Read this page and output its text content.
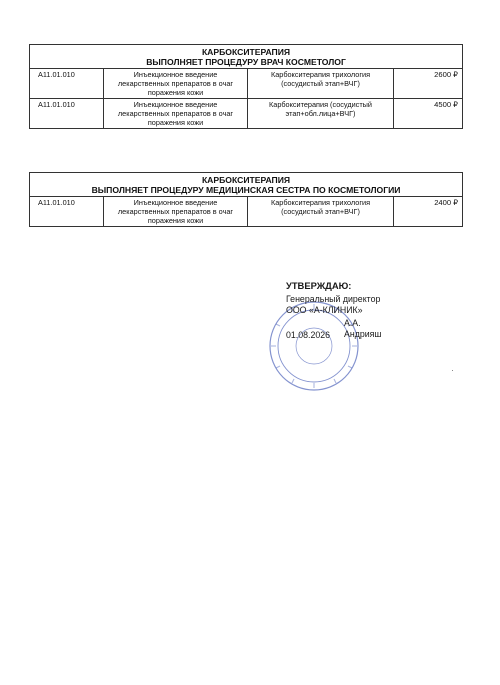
КАРБОКСИТЕРАПИЯ
ВЫПОЛНЯЕТ ПРОЦЕДУРУ ВРАЧ КОСМЕТОЛОГ			

А11.01.010	Инъекционное введение лекарственных препаратов в очаг поражения кожи	Карбокситерапия трихология (сосудистый этап+ВЧГ)	2600 ₽
А11.01.010	Инъекционное введение лекарственных препаратов в очаг поражения кожи	Карбокситерапия (сосудистый этап+обл.лица+ВЧГ)	4500 ₽
КАРБОКСИТЕРАПИЯ
ВЫПОЛНЯЕТ ПРОЦЕДУРУ МЕДИЦИНСКАЯ СЕСТРА ПО КОСМЕТОЛОГИИ

А11.01.010	Инъекционное введение лекарственных препаратов в очаг поражения кожи	Карбокситерапия трихология (сосудистый этап+ВЧГ)	2400 ₽
УТВЕРЖДАЮ:
Генеральный директор
ООО «А-КЛИНИК»
А.А. Андрияш
01.08.2026
